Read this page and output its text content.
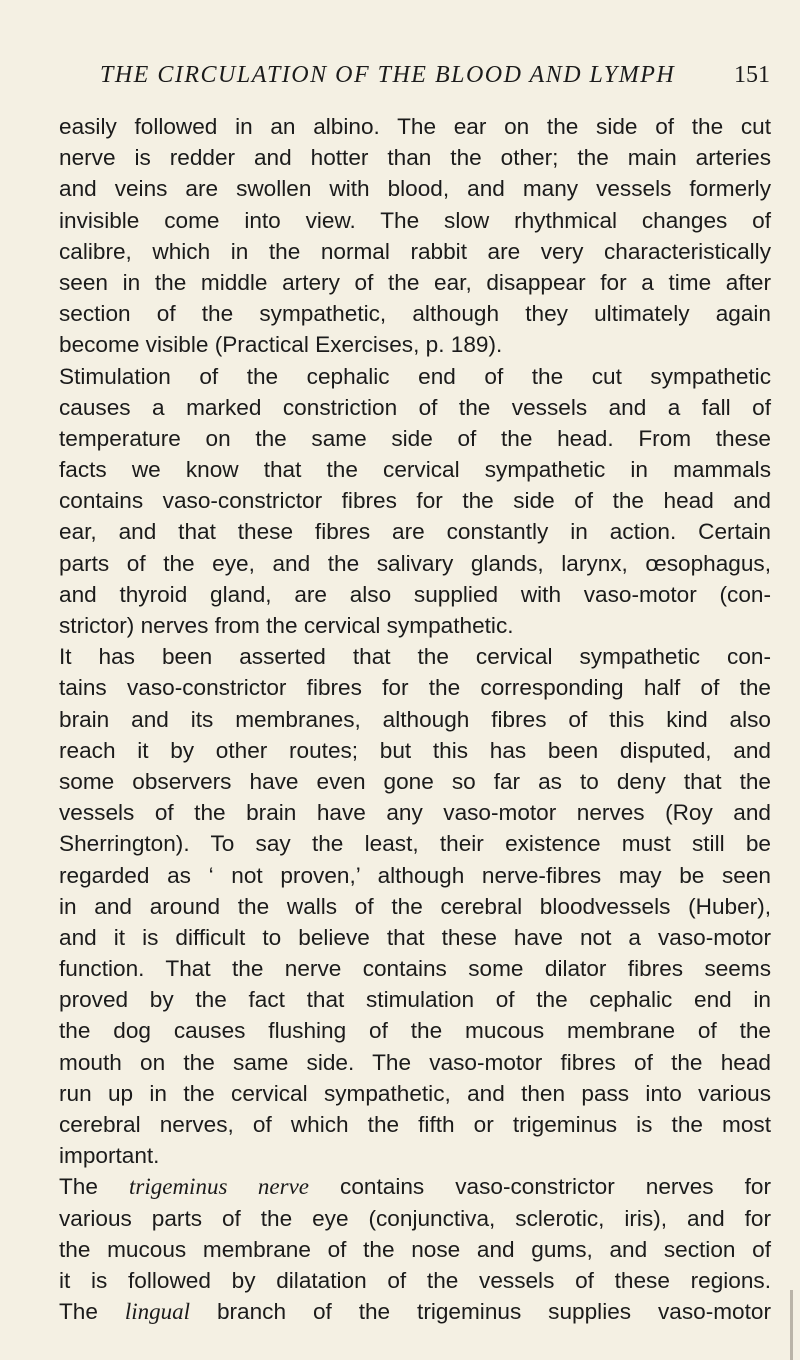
THE CIRCULATION OF THE BLOOD AND LYMPH 151
easily followed in an albino. The ear on the side of the cut
nerve is redder and hotter than the other; the main arteries
and veins are swollen with blood, and many vessels formerly
invisible come into view. The slow rhythmical changes of
calibre, which in the normal rabbit are very characteristically
seen in the middle artery of the ear, disappear for a time after
section of the sympathetic, although they ultimately again
become visible (Practical Exercises, p. 189).
Stimulation of the cephalic end of the cut sympathetic
causes a marked constriction of the vessels and a fall of
temperature on the same side of the head. From these
facts we know that the cervical sympathetic in mammals
contains vaso-constrictor fibres for the side of the head and
ear, and that these fibres are constantly in action. Certain
parts of the eye, and the salivary glands, larynx, œsophagus,
and thyroid gland, are also supplied with vaso-motor (con-
strictor) nerves from the cervical sympathetic.
It has been asserted that the cervical sympathetic con-
tains vaso-constrictor fibres for the corresponding half of the
brain and its membranes, although fibres of this kind also
reach it by other routes; but this has been disputed, and
some observers have even gone so far as to deny that the
vessels of the brain have any vaso-motor nerves (Roy and
Sherrington). To say the least, their existence must still be
regarded as ‘ not proven,’ although nerve-fibres may be seen
in and around the walls of the cerebral bloodvessels (Huber),
and it is difficult to believe that these have not a vaso-motor
function. That the nerve contains some dilator fibres seems
proved by the fact that stimulation of the cephalic end in
the dog causes flushing of the mucous membrane of the
mouth on the same side. The vaso-motor fibres of the head
run up in the cervical sympathetic, and then pass into various
cerebral nerves, of which the fifth or trigeminus is the most
important.
The trigeminus nerve contains vaso-constrictor nerves for
various parts of the eye (conjunctiva, sclerotic, iris), and for
the mucous membrane of the nose and gums, and section of
it is followed by dilatation of the vessels of these regions.
The lingual branch of the trigeminus supplies vaso-motor
